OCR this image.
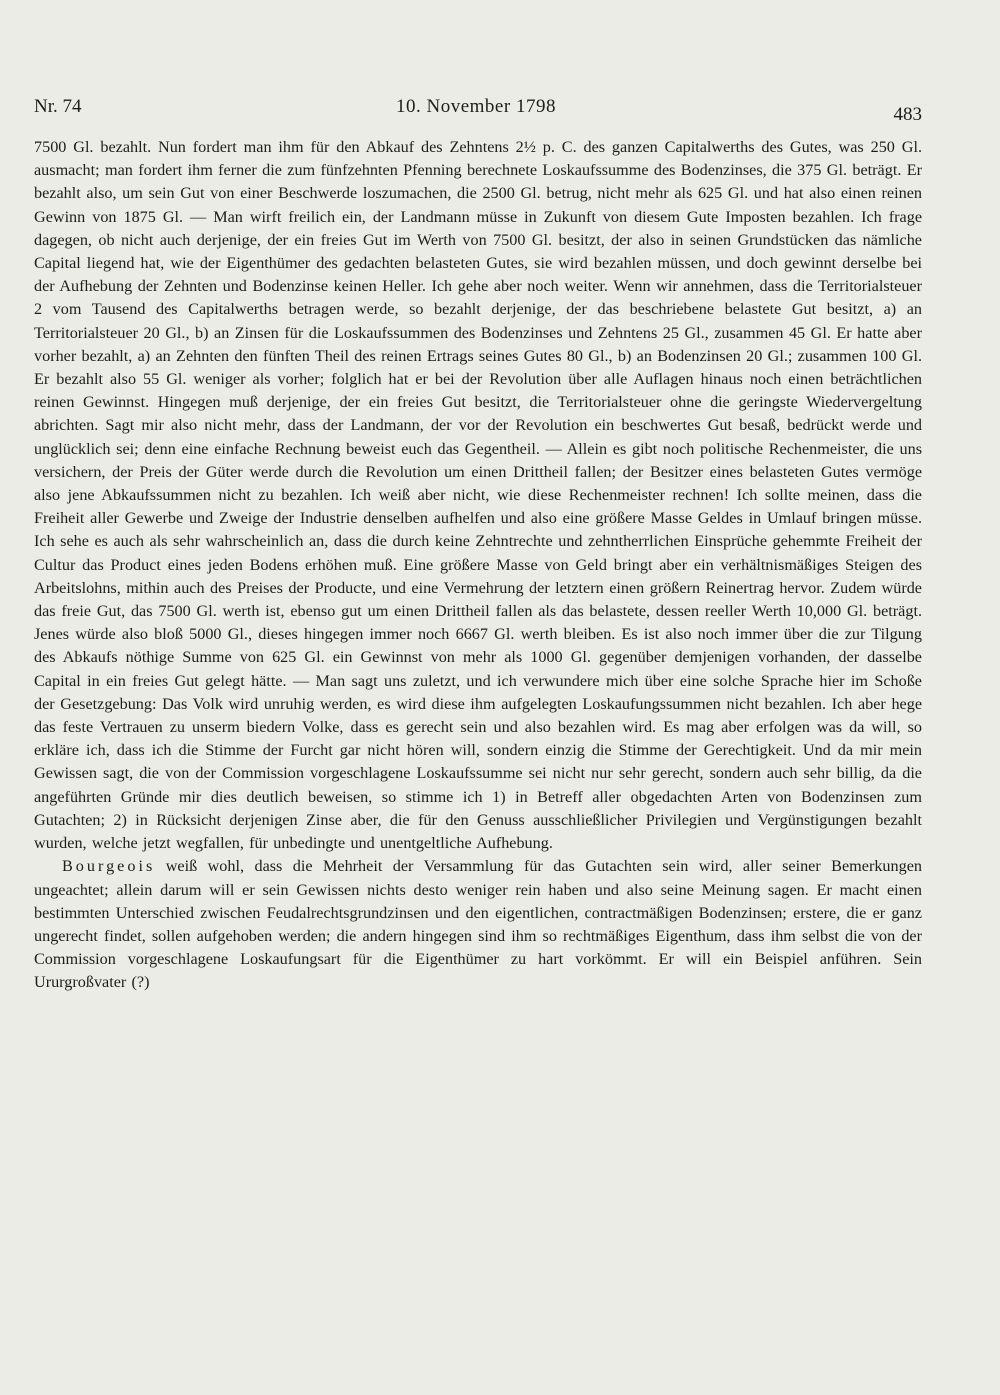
Nr. 74	10. November 1798	483

7500 Gl. bezahlt. Nun fordert man ihm für den Abkauf des Zehntens 2½ p. C. des ganzen Capitalwerths des Gutes, was 250 Gl. ausmacht; man fordert ihm ferner die zum fünfzehnten Pfenning berechnete Loskaufssumme des Bodenzinses, die 375 Gl. beträgt. Er bezahlt also, um sein Gut von einer Beschwerde loszumachen, die 2500 Gl. betrug, nicht mehr als 625 Gl. und hat also einen reinen Gewinn von 1875 Gl. — Man wirft freilich ein, der Landmann müsse in Zukunft von diesem Gute Imposten bezahlen. Ich frage dagegen, ob nicht auch derjenige, der ein freies Gut im Werth von 7500 Gl. besitzt, der also in seinen Grundstücken das nämliche Capital liegend hat, wie der Eigenthümer des gedachten belasteten Gutes, sie wird bezahlen müssen, und doch gewinnt derselbe bei der Aufhebung der Zehnten und Bodenzinse keinen Heller. Ich gehe aber noch weiter. Wenn wir annehmen, dass die Territorialsteuer 2 vom Tausend des Capitalwerths betragen werde, so bezahlt derjenige, der das beschriebene belastete Gut besitzt, a) an Territorialsteuer 20 Gl., b) an Zinsen für die Loskaufssummen des Bodenzinses und Zehntens 25 Gl., zusammen 45 Gl. Er hatte aber vorher bezahlt, a) an Zehnten den fünften Theil des reinen Ertrags seines Gutes 80 Gl., b) an Bodenzinsen 20 Gl.; zusammen 100 Gl. Er bezahlt also 55 Gl. weniger als vorher; folglich hat er bei der Revolution über alle Auflagen hinaus noch einen beträchtlichen reinen Gewinnst. Hingegen muß derjenige, der ein freies Gut besitzt, die Territorialsteuer ohne die geringste Wiedervergeltung abrichten. Sagt mir also nicht mehr, dass der Landmann, der vor der Revolution ein beschwertes Gut besaß, bedrückt werde und unglücklich sei; denn eine einfache Rechnung beweist euch das Gegentheil. — Allein es gibt noch politische Rechenmeister, die uns versichern, der Preis der Güter werde durch die Revolution um einen Drittheil fallen; der Besitzer eines belasteten Gutes vermöge also jene Abkaufssummen nicht zu bezahlen. Ich weiß aber nicht, wie diese Rechenmeister rechnen! Ich sollte meinen, dass die Freiheit aller Gewerbe und Zweige der Industrie denselben aufhelfen und also eine größere Masse Geldes in Umlauf bringen müsse. Ich sehe es auch als sehr wahrscheinlich an, dass die durch keine Zehntrechte und zehntherrlichen Einsprüche gehemmte Freiheit der Cultur das Product eines jeden Bodens erhöhen muß. Eine größere Masse von Geld bringt aber ein verhältnismäßiges Steigen des Arbeitslohns, mithin auch des Preises der Producte, und eine Vermehrung der letztern einen größern Reinertrag hervor. Zudem würde das freie Gut, das 7500 Gl. werth ist, ebenso gut um einen Drittheil fallen als das belastete, dessen reeller Werth 10,000 Gl. beträgt. Jenes würde also bloß 5000 Gl., dieses hingegen immer noch 6667 Gl. werth bleiben. Es ist also noch immer über die zur Tilgung des Abkaufs nöthige Summe von 625 Gl. ein Gewinnst von mehr als 1000 Gl. gegenüber demjenigen vorhanden, der dasselbe Capital in ein freies Gut gelegt hätte. — Man sagt uns zuletzt, und ich verwundere mich über eine solche Sprache hier im Schoße der Gesetzgebung: Das Volk wird unruhig werden, es wird diese ihm aufgelegten Loskaufungssummen nicht bezahlen. Ich aber hege das feste Vertrauen zu unserm biedern Volke, dass es gerecht sein und also bezahlen wird. Es mag aber erfolgen was da will, so erkläre ich, dass ich die Stimme der Furcht gar nicht hören will, sondern einzig die Stimme der Gerechtigkeit. Und da mir mein Gewissen sagt, die von der Commission vorgeschlagene Loskaufssumme sei nicht nur sehr gerecht, sondern auch sehr billig, da die angeführten Gründe mir dies deutlich beweisen, so stimme ich 1) in Betreff aller obgedachten Arten von Bodenzinsen zum Gutachten; 2) in Rücksicht derjenigen Zinse aber, die für den Genuss ausschließlicher Privilegien und Vergünstigungen bezahlt wurden, welche jetzt wegfallen, für unbedingte und unentgeltliche Aufhebung.

Bourgeois weiß wohl, dass die Mehrheit der Versammlung für das Gutachten sein wird, aller seiner Bemerkungen ungeachtet; allein darum will er sein Gewissen nichts desto weniger rein haben und also seine Meinung sagen. Er macht einen bestimmten Unterschied zwischen Feudalrechtsgrundzinsen und den eigentlichen, contractmäßigen Bodenzinsen; erstere, die er ganz ungerecht findet, sollen aufgehoben werden; die andern hingegen sind ihm so rechtmäßiges Eigenthum, dass ihm selbst die von der Commission vorgeschlagene Loskaufungsart für die Eigenthümer zu hart vorkömmt. Er will ein Beispiel anführen. Sein Ururgroßvater (?)
